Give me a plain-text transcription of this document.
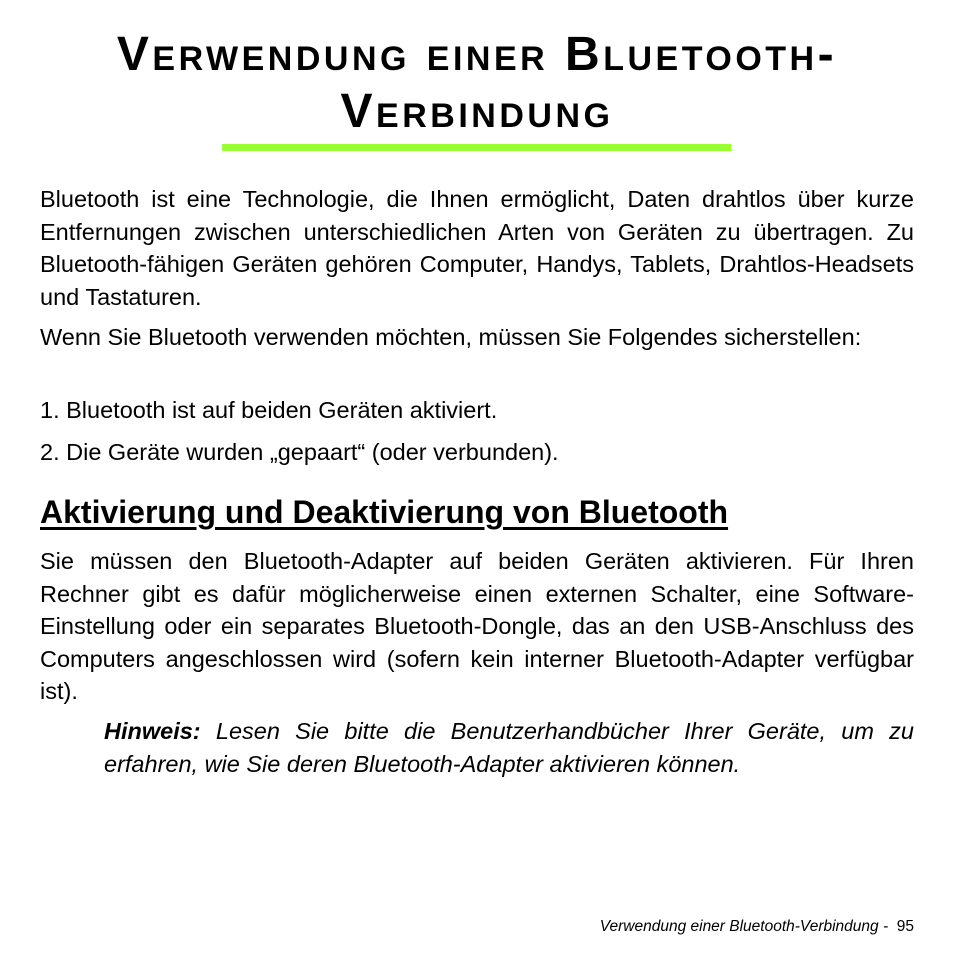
Verwendung einer Bluetooth-Verbindung

Bluetooth ist eine Technologie, die Ihnen ermöglicht, Daten drahtlos über kurze Entfernungen zwischen unterschiedlichen Arten von Geräten zu übertragen. Zu Bluetooth-fähigen Geräten gehören Computer, Handys, Tablets, Drahtlos-Headsets und Tastaturen.

Wenn Sie Bluetooth verwenden möchten, müssen Sie Folgendes sicherstellen:

1. Bluetooth ist auf beiden Geräten aktiviert.

2. Die Geräte wurden „gepaart“ (oder verbunden).

Aktivierung und Deaktivierung von Bluetooth

Sie müssen den Bluetooth-Adapter auf beiden Geräten aktivieren. Für Ihren Rechner gibt es dafür möglicherweise einen externen Schalter, eine Software-Einstellung oder ein separates Bluetooth-Dongle, das an den USB-Anschluss des Computers angeschlossen wird (sofern kein interner Bluetooth-Adapter verfügbar ist).

Hinweis: Lesen Sie bitte die Benutzerhandbücher Ihrer Geräte, um zu erfahren, wie Sie deren Bluetooth-Adapter aktivieren können.

Verwendung einer Bluetooth-Verbindung - 95
